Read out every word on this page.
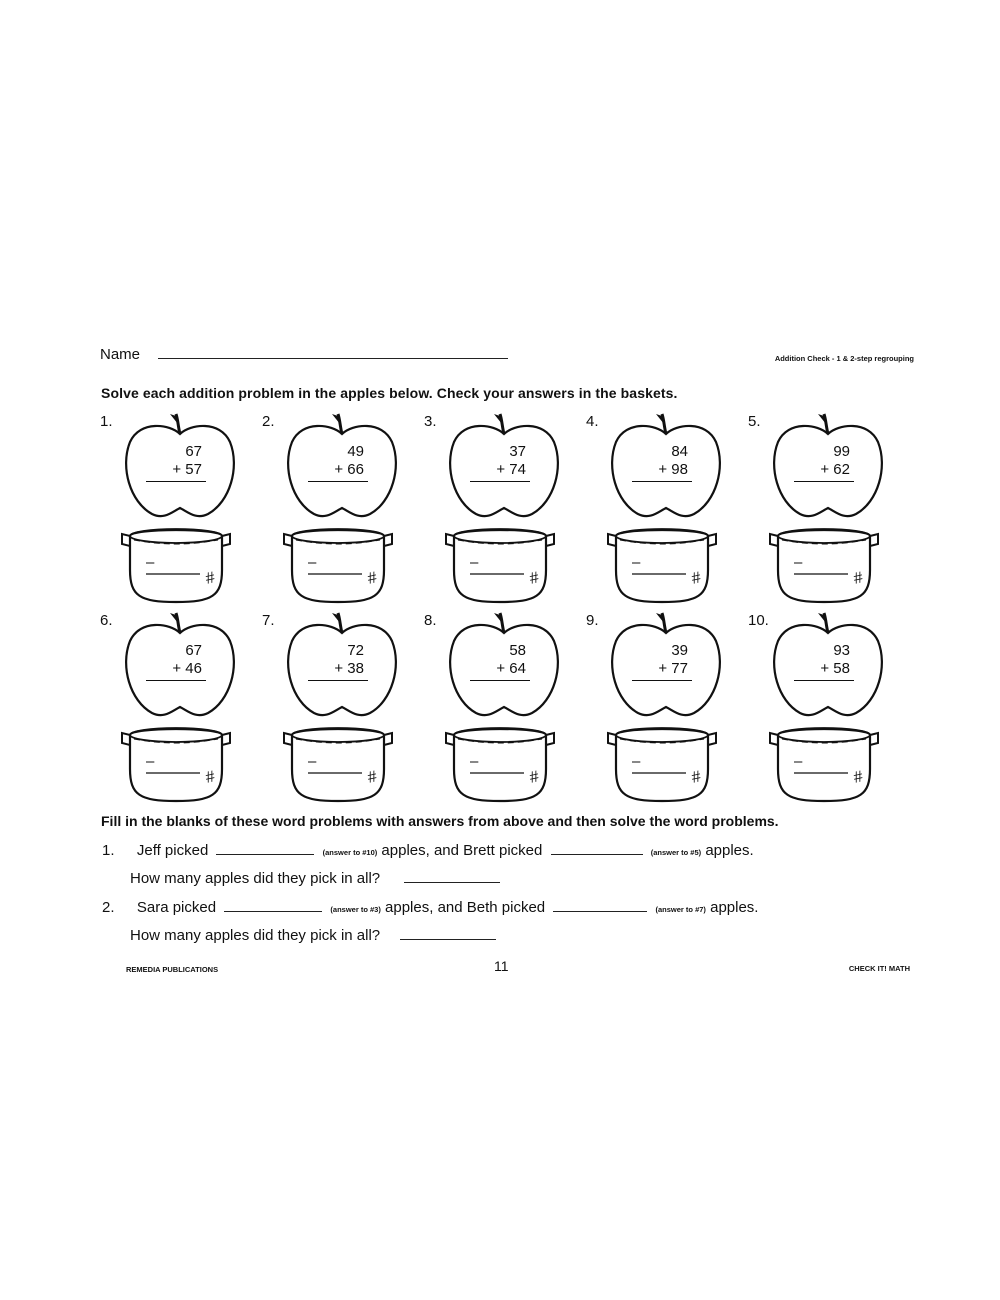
Name	Addition Check - 1 & 2-step regrouping
Solve each addition problem in the apples below. Check your answers in the baskets.
1.
67
+ 57
–
#
2.
49
+ 66
–
#
3.
37
+ 74
–
#
4.
84
+ 98
–
#
5.
99
+ 62
–
#
6.
67
+ 46
–
#
7.
72
+ 38
–
#
8.
58
+ 64
–
#
9.
39
+ 77
–
#
10.
93
+ 58
–
#
Fill in the blanks of these word problems with answers from above and then solve the word problems.
1. Jeff picked	(answer to #10) apples, and Brett picked	(answer to #5) apples.
How many apples did they pick in all?
2. Sara picked	(answer to #3) apples, and Beth picked	(answer to #7) apples.
How many apples did they pick in all?
REMEDIA PUBLICATIONS	11	CHECK IT! MATH
